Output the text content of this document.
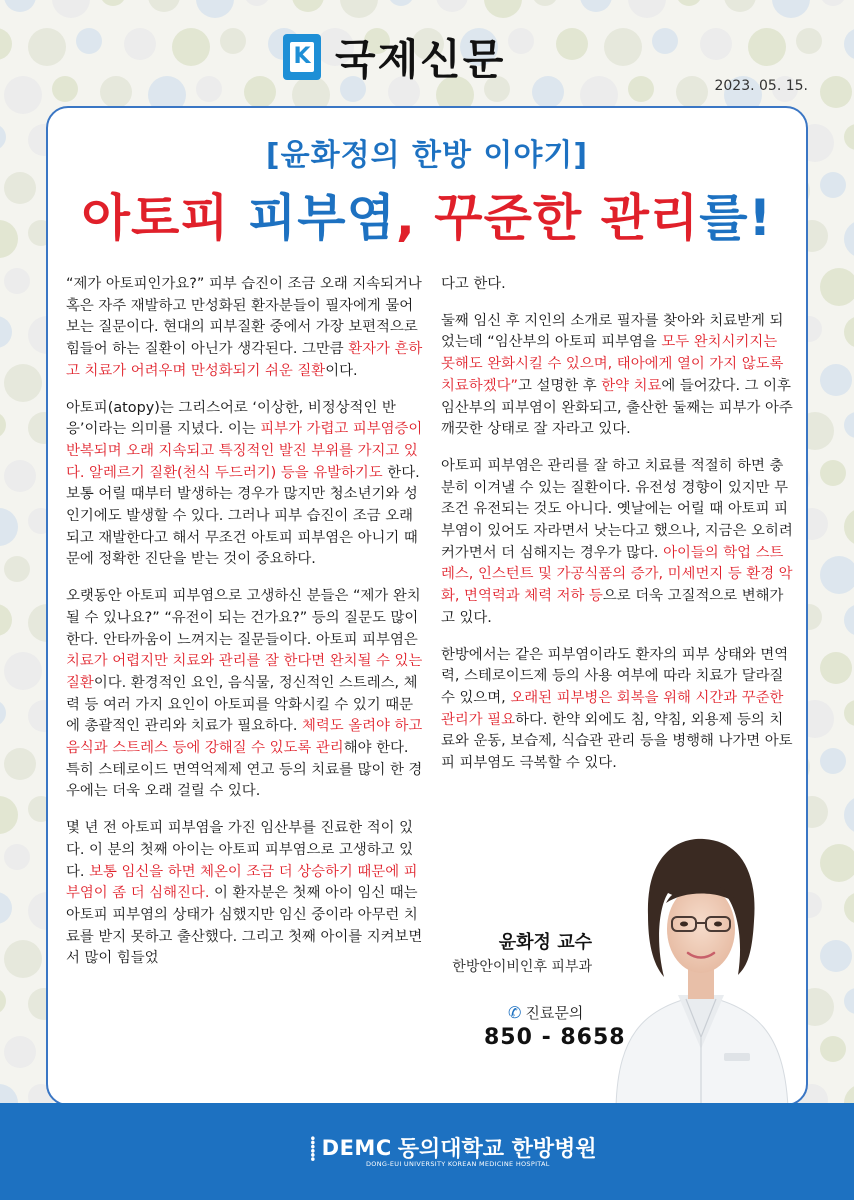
K 국제신문
2023. 05. 15.
[윤화정의 한방 이야기]
아토피 피부염, 꾸준한 관리를!

“제가 아토피인가요?” 피부 습진이 조금 오래 지속되거나 혹은 자주 재발하고 만성화된 환자분들이 필자에게 물어보는 질문이다. 현대의 피부질환 중에서 가장 보편적으로 힘들어 하는 질환이 아닌가 생각된다. 그만큼 환자가 흔하고 치료가 어려우며 만성화되기 쉬운 질환이다.

아토피(atopy)는 그리스어로 ‘이상한, 비정상적인 반응’이라는 의미를 지녔다. 이는 피부가 가렵고 피부염증이 반복되며 오래 지속되고 특징적인 발진 부위를 가지고 있다. 알레르기 질환(천식 두드러기) 등을 유발하기도 한다. 보통 어릴 때부터 발생하는 경우가 많지만 청소년기와 성인기에도 발생할 수 있다. 그러나 피부 습진이 조금 오래되고 재발한다고 해서 무조건 아토피 피부염은 아니기 때문에 정확한 진단을 받는 것이 중요하다.

오랫동안 아토피 피부염으로 고생하신 분들은 “제가 완치될 수 있나요?” “유전이 되는 건가요?” 등의 질문도 많이 한다. 안타까움이 느껴지는 질문들이다. 아토피 피부염은 치료가 어렵지만 치료와 관리를 잘 한다면 완치될 수 있는 질환이다. 환경적인 요인, 음식물, 정신적인 스트레스, 체력 등 여러 가지 요인이 아토피를 악화시킬 수 있기 때문에 총괄적인 관리와 치료가 필요하다. 체력도 올려야 하고 음식과 스트레스 등에 강해질 수 있도록 관리해야 한다. 특히 스테로이드 면역억제제 연고 등의 치료를 많이 한 경우에는 더욱 오래 걸릴 수 있다.

몇 년 전 아토피 피부염을 가진 임산부를 진료한 적이 있다. 이 분의 첫째 아이는 아토피 피부염으로 고생하고 있다. 보통 임신을 하면 체온이 조금 더 상승하기 때문에 피부염이 좀 더 심해진다. 이 환자분은 첫째 아이 임신 때는 아토피 피부염의 상태가 심했지만 임신 중이라 아무런 치료를 받지 못하고 출산했다. 그리고 첫째 아이를 지켜보면서 많이 힘들었

다고 한다.

둘째 임신 후 지인의 소개로 필자를 찾아와 치료받게 되었는데 “임산부의 아토피 피부염을 모두 완치시키지는 못해도 완화시킬 수 있으며, 태아에게 열이 가지 않도록 치료하겠다”고 설명한 후 한약 치료에 들어갔다. 그 이후 임산부의 피부염이 완화되고, 출산한 둘째는 피부가 아주 깨끗한 상태로 잘 자라고 있다.

아토피 피부염은 관리를 잘 하고 치료를 적절히 하면 충분히 이겨낼 수 있는 질환이다. 유전성 경향이 있지만 무조건 유전되는 것도 아니다. 옛날에는 어릴 때 아토피 피부염이 있어도 자라면서 낫는다고 했으나, 지금은 오히려 커가면서 더 심해지는 경우가 많다. 아이들의 학업 스트레스, 인스턴트 및 가공식품의 증가, 미세먼지 등 환경 악화, 면역력과 체력 저하 등으로 더욱 고질적으로 변해가고 있다.

한방에서는 같은 피부염이라도 환자의 피부 상태와 면역력, 스테로이드제 등의 사용 여부에 따라 치료가 달라질 수 있으며, 오래된 피부병은 회복을 위해 시간과 꾸준한 관리가 필요하다. 한약 외에도 침, 약침, 외용제 등의 치료와 운동, 보습제, 식습관 관리 등을 병행해 나가면 아토피 피부염도 극복할 수 있다.

윤화정 교수
한방안이비인후 피부과
✆ 진료문의
850 - 8658
⸽ DEMC 동의대학교 한방병원
DONG-EUI UNIVERSITY KOREAN MEDICINE HOSPITAL
